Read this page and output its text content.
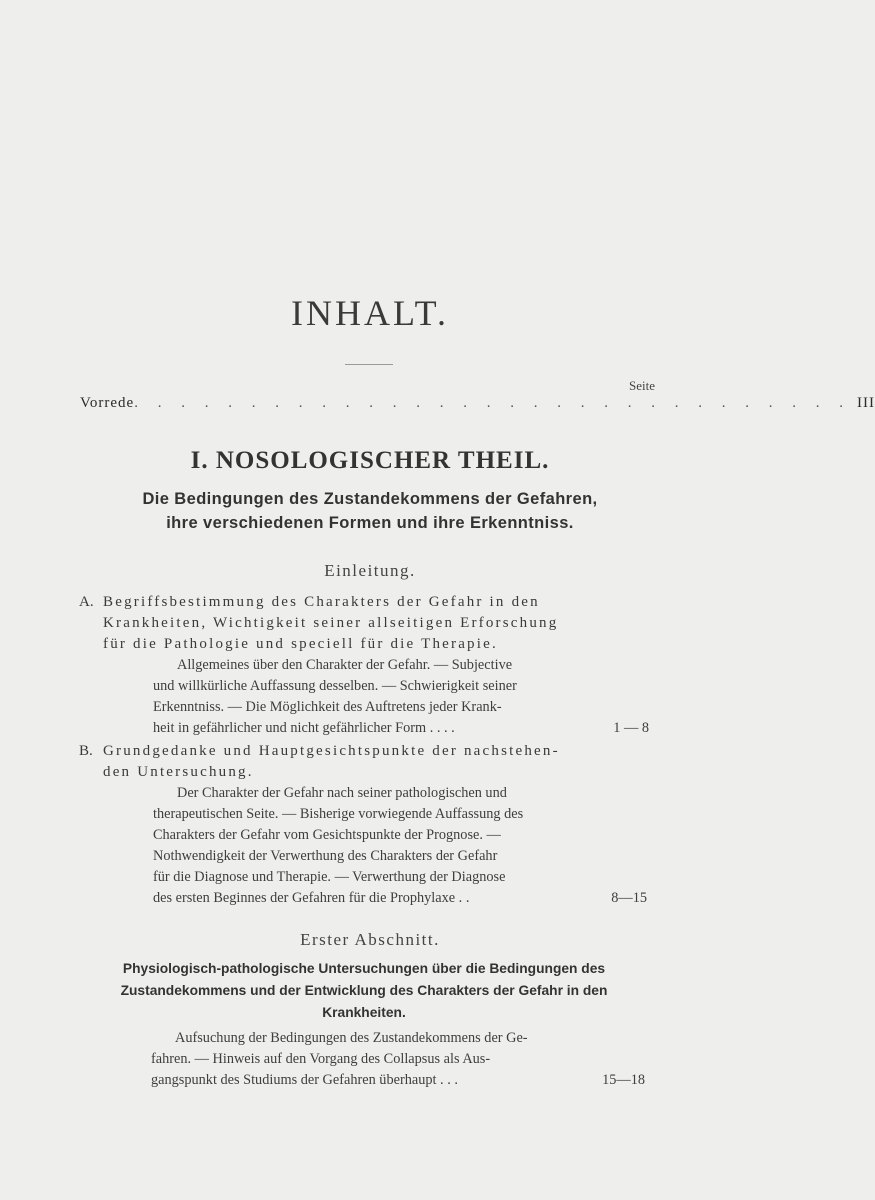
INHALT.
Seite
Vorrede . . . . . . . . . . . . . . . . . . . . . . . . . . . . . . . III
I. NOSOLOGISCHER THEIL.
Die Bedingungen des Zustandekommens der Gefahren,
ihre verschiedenen Formen und ihre Erkenntniss.
Einleitung.
A. Begriffsbestimmung des Charakters der Gefahr in den
Krankheiten, Wichtigkeit seiner allseitigen Erforschung
für die Pathologie und speciell für die Therapie.
Allgemeines über den Charakter der Gefahr. — Subjective
und willkürliche Auffassung desselben. — Schwierigkeit seiner
Erkenntniss. — Die Möglichkeit des Auftretens jeder Krank-
heit in gefährlicher und nicht gefährlicher Form . . . .	1 — 8
B. Grundgedanke und Hauptgesichtspunkte der nachstehen-
den Untersuchung.
Der Charakter der Gefahr nach seiner pathologischen und
therapeutischen Seite. — Bisherige vorwiegende Auffassung des
Charakters der Gefahr vom Gesichtspunkte der Prognose. —
Nothwendigkeit der Verwerthung des Charakters der Gefahr
für die Diagnose und Therapie. — Verwerthung der Diagnose
des ersten Beginnes der Gefahren für die Prophylaxe . .	8—15
Erster Abschnitt.
Physiologisch-pathologische Untersuchungen über die Bedingungen des
Zustandekommens und der Entwicklung des Charakters der Gefahr in den
Krankheiten.
Aufsuchung der Bedingungen des Zustandekommens der Ge-
fahren. — Hinweis auf den Vorgang des Collapsus als Aus-
gangspunkt des Studiums der Gefahren überhaupt . . .	15—18
